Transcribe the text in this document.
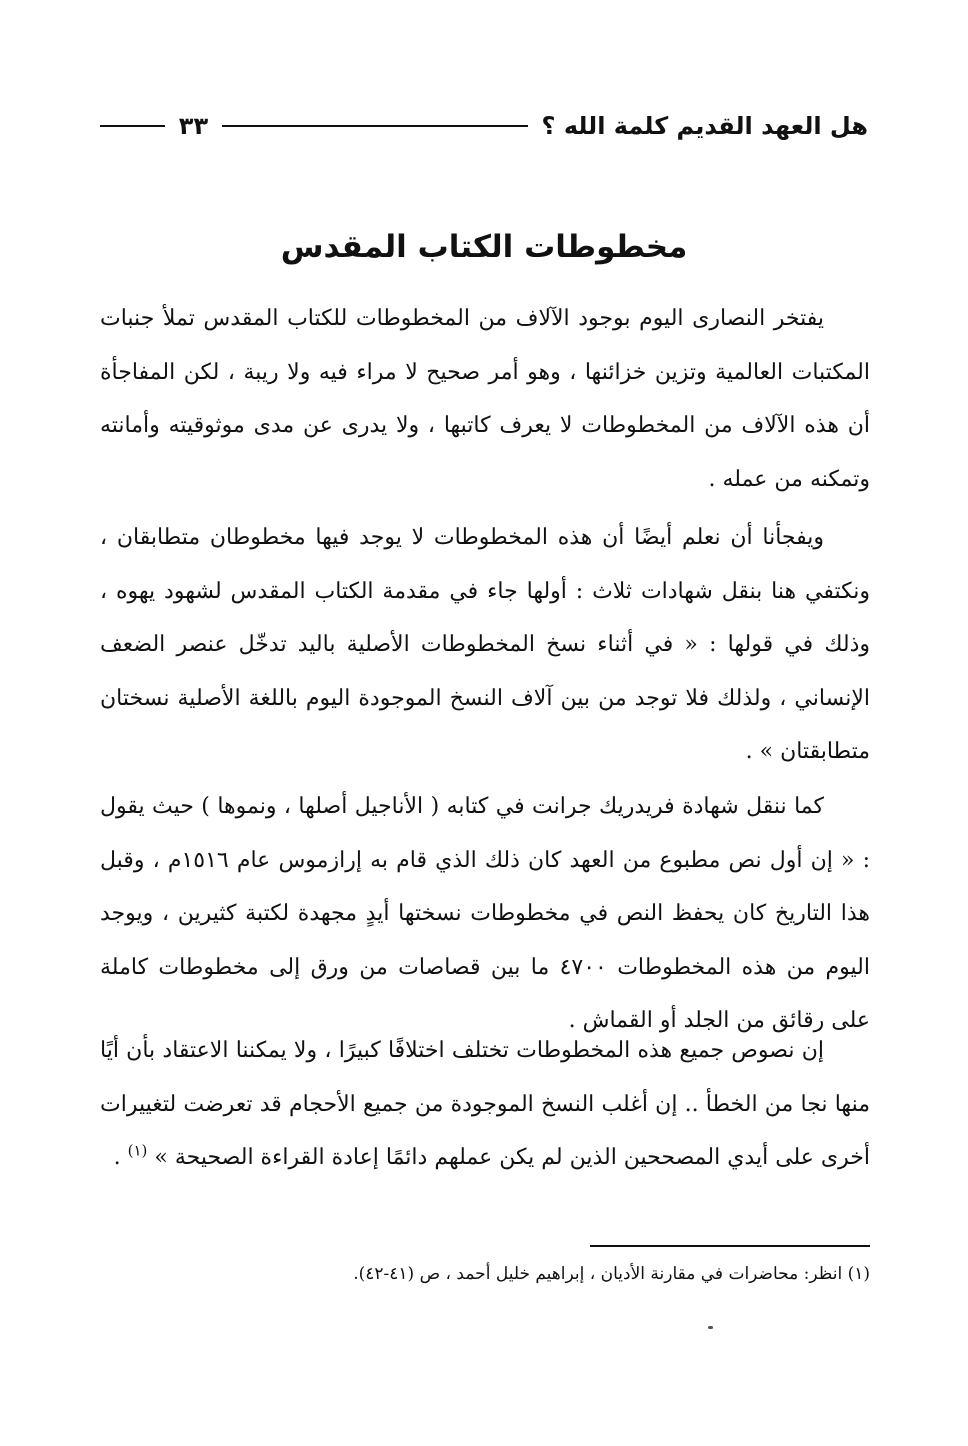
هل العهد القديم كلمة الله ؟
٣٣
مخطوطات الكتاب المقدس

يفتخر النصارى اليوم بوجود الآلاف من المخطوطات للكتاب المقدس تملأ جنبات المكتبات العالمية وتزين خزائنها ، وهو أمر صحيح لا مراء فيه ولا ريبة ، لكن المفاجأة أن هذه الآلاف من المخطوطات لا يعرف كاتبها ، ولا يدرى عن مدى موثوقيته وأمانته وتمكنه من عمله .

ويفجأنا أن نعلم أيضًا أن هذه المخطوطات لا يوجد فيها مخطوطان متطابقان ، ونكتفي هنا بنقل شهادات ثلاث : أولها جاء في مقدمة الكتاب المقدس لشهود يهوه ، وذلك في قولها : « في أثناء نسخ المخطوطات الأصلية باليد تدخّل عنصر الضعف الإنساني ، ولذلك فلا توجد من بين آلاف النسخ الموجودة اليوم باللغة الأصلية نسختان متطابقتان » .

كما ننقل شهادة فريدريك جرانت في كتابه ( الأناجيل أصلها ، ونموها ) حيث يقول : « إن أول نص مطبوع من العهد كان ذلك الذي قام به إرازموس عام ١٥١٦م ، وقبل هذا التاريخ كان يحفظ النص في مخطوطات نسختها أيدٍ مجهدة لكتبة كثيرين ، ويوجد اليوم من هذه المخطوطات ٤٧٠٠ ما بين قصاصات من ورق إلى مخطوطات كاملة على رقائق من الجلد أو القماش .

إن نصوص جميع هذه المخطوطات تختلف اختلافًا كبيرًا ، ولا يمكننا الاعتقاد بأن أيًا منها نجا من الخطأ .. إن أغلب النسخ الموجودة من جميع الأحجام قد تعرضت لتغييرات أخرى على أيدي المصححين الذين لم يكن عملهم دائمًا إعادة القراءة الصحيحة » $^{(١)}$ .

(١) انظر: محاضرات في مقارنة الأديان ، إبراهيم خليل أحمد ، ص (٤١-٤٢).
